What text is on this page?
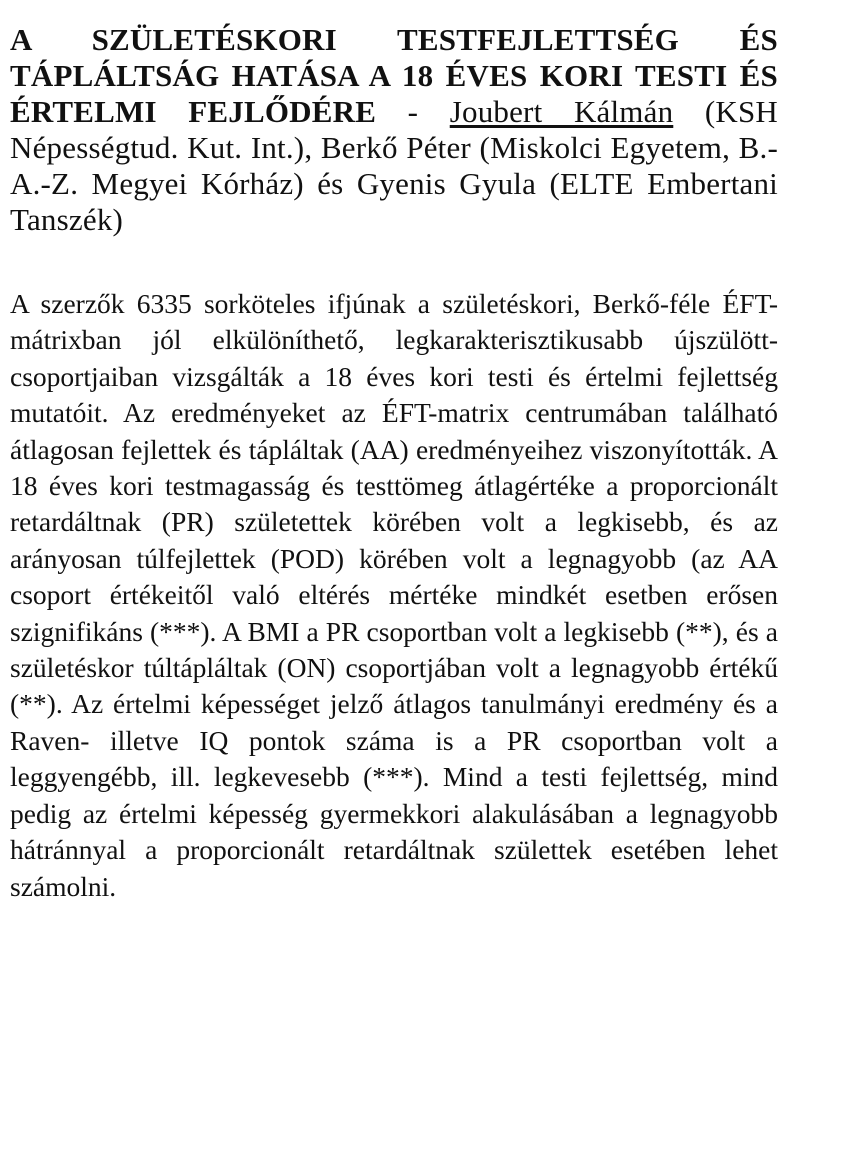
A SZÜLETÉSKORI TESTFEJLETTSÉG ÉS TÁPLÁLTSÁG HATÁSA A 18 ÉVES KORI TESTI ÉS ÉRTELMI FEJLŐDÉRE - Joubert Kálmán (KSH Népességtud. Kut. Int.), Berkő Péter (Miskolci Egyetem, B.-A.-Z. Megyei Kórház) és Gyenis Gyula (ELTE Embertani Tanszék)

A szerzők 6335 sorköteles ifjúnak a születéskori, Berkő-féle ÉFT-mátrixban jól elkülöníthető, legkarakterisztikusabb újszülött-csoportjaiban vizsgálták a 18 éves kori testi és értelmi fejlettség mutatóit. Az eredményeket az ÉFT-matrix centrumában található átlagosan fejlettek és tápláltak (AA) eredményeihez viszonyították. A 18 éves kori testmagasság és testtömeg átlagértéke a proporcionált retardáltnak (PR) születettek körében volt a legkisebb, és az arányosan túlfejlettek (POD) körében volt a legnagyobb (az AA csoport értékeitől való eltérés mértéke mindkét esetben erősen szignifikáns (***). A BMI a PR csoportban volt a legkisebb (**), és a születéskor túltápláltak (ON) csoportjában volt a legnagyobb értékű (**). Az értelmi képességet jelző átlagos tanulmányi eredmény és a Raven- illetve IQ pontok száma is a PR csoportban volt a leggyengébb, ill. legkevesebb (***). Mind a testi fejlettség, mind pedig az értelmi képesség gyermekkori alakulásában a legnagyobb hátránnyal a proporcionált retardáltnak születtek esetében lehet számolni.
